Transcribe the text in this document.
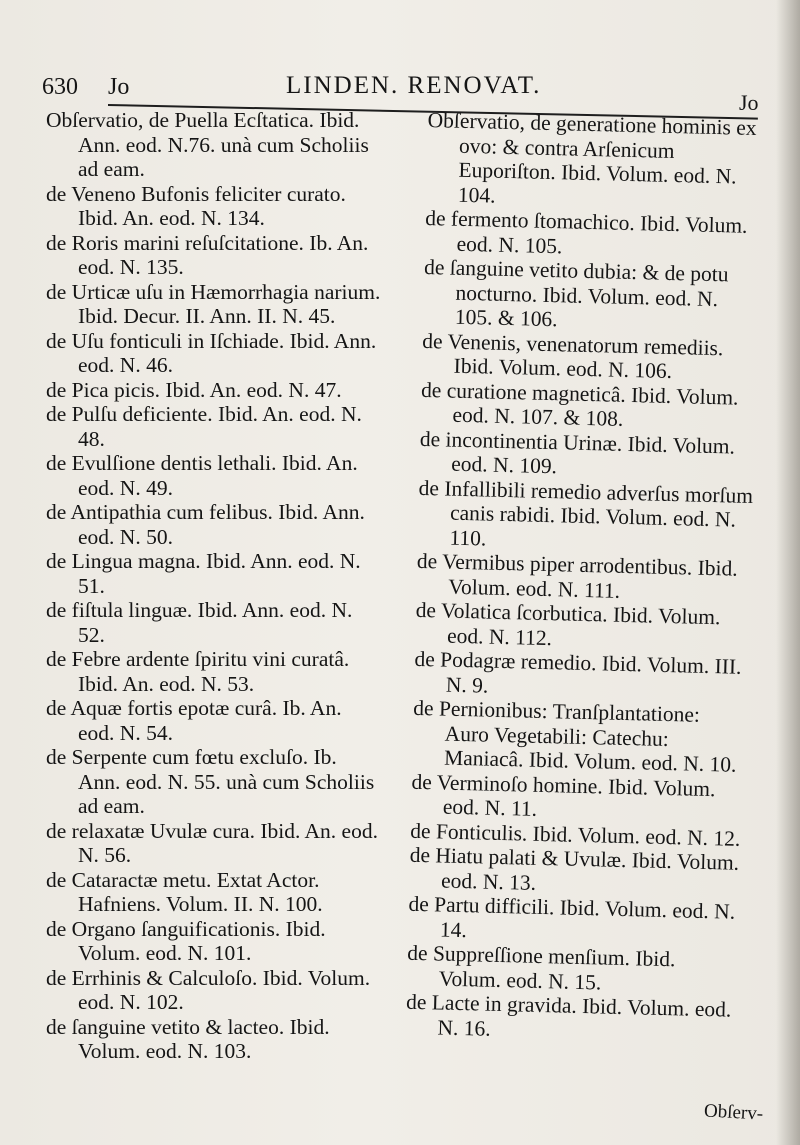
630 Jo	LINDEN. RENOVAT.
Jo
Obſervatio, de Puella Ecſtatica. Ibid. Ann. eod. N.76. unà cum Scholiis ad eam.
de Veneno Bufonis feliciter curato. Ibid. An. eod. N. 134.
de Roris marini reſuſcitatione. Ib. An. eod. N. 135.
de Urticæ uſu in Hæmorrhagia narium. Ibid. Decur. II. Ann. II. N. 45.
de Uſu fonticuli in Iſchiade. Ibid. Ann. eod. N. 46.
de Pica picis. Ibid. An. eod. N. 47.
de Pulſu deficiente. Ibid. An. eod. N. 48.
de Evulſione dentis lethali. Ibid. An. eod. N. 49.
de Antipathia cum felibus. Ibid. Ann. eod. N. 50.
de Lingua magna. Ibid. Ann. eod. N. 51.
de fiſtula linguæ. Ibid. Ann. eod. N. 52.
de Febre ardente ſpiritu vini curatâ. Ibid. An. eod. N. 53.
de Aquæ fortis epotæ curâ. Ib. An. eod. N. 54.
de Serpente cum fœtu excluſo. Ib. Ann. eod. N. 55. unà cum Scholiis ad eam.
de relaxatæ Uvulæ cura. Ibid. An. eod. N. 56.
de Cataractæ metu. Extat Actor. Hafniens. Volum. II. N. 100.
de Organo ſanguificationis. Ibid. Volum. eod. N. 101.
de Errhinis & Calculoſo. Ibid. Volum. eod. N. 102.
de ſanguine vetito & lacteo. Ibid. Volum. eod. N. 103.
Obſervatio, de generatione hominis ex ovo: & contra Arſenicum Euporiſton. Ibid. Volum. eod. N. 104.
de fermento ſtomachico. Ibid. Volum. eod. N. 105.
de ſanguine vetito dubia: & de potu nocturno. Ibid. Volum. eod. N. 105. & 106.
de Venenis, venenatorum remediis. Ibid. Volum. eod. N. 106.
de curatione magneticâ. Ibid. Volum. eod. N. 107. & 108.
de incontinentia Urinæ. Ibid. Volum. eod. N. 109.
de Infallibili remedio adverſus morſum canis rabidi. Ibid. Volum. eod. N. 110.
de Vermibus piper arrodentibus. Ibid. Volum. eod. N. 111.
de Volatica ſcorbutica. Ibid. Volum. eod. N. 112.
de Podagræ remedio. Ibid. Volum. III. N. 9.
de Pernionibus: Tranſplantatione: Auro Vegetabili: Catechu: Maniacâ. Ibid. Volum. eod. N. 10.
de Verminoſo homine. Ibid. Volum. eod. N. 11.
de Fonticulis. Ibid. Volum. eod. N. 12.
de Hiatu palati & Uvulæ. Ibid. Volum. eod. N. 13.
de Partu difficili. Ibid. Volum. eod. N. 14.
de Suppreſſione menſium. Ibid. Volum. eod. N. 15.
de Lacte in gravida. Ibid. Volum. eod. N. 16.
Obſerv-
